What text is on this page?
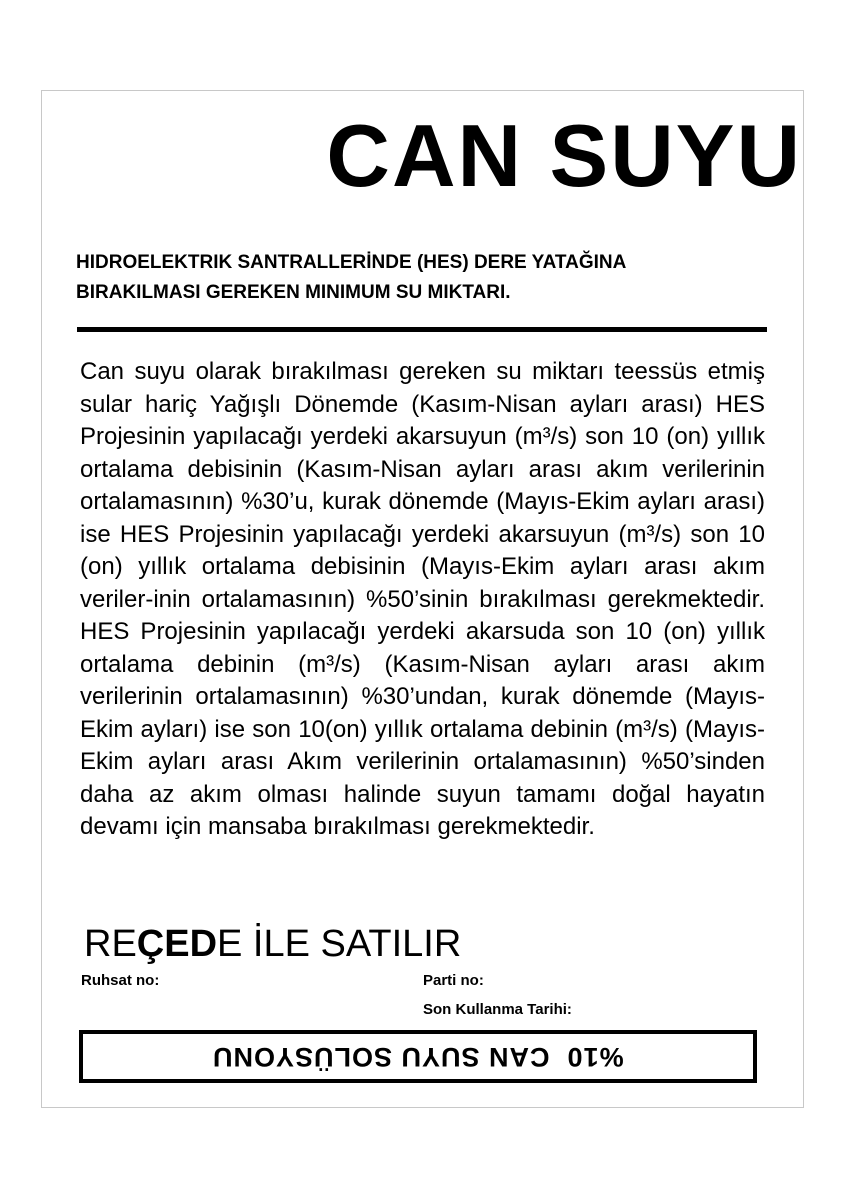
CAN SUYU
HIDROELEKTRIK SANTRALLERİNDE (HES) DERE YATAĞINA
BIRAKILMASI GEREKEN MINIMUM SU MIKTARI.
Can suyu olarak bırakılması gereken su miktarı teessüs etmiş sular hariç Yağışlı Dönemde (Kasım-Nisan ayları arası) HES Projesinin yapılacağı yerdeki akarsuyun (m³/s) son 10 (on) yıllık ortalama debisinin (Kasım-Nisan ayları arası akım verilerinin ortalamasının) %30’u, kurak dönemde (Mayıs-Ekim ayları arası) ise HES Projesinin yapılacağı yerdeki akarsuyun (m³/s) son 10 (on) yıllık ortalama debisinin (Mayıs-Ekim ayları arası akım veriler-inin ortalamasının) %50’sinin bırakılması gerekmektedir. HES Projesinin yapılacağı yerdeki akarsuda son 10 (on) yıllık ortalama debinin (m³/s) (Kasım-Nisan ayları arası akım verilerinin ortalamasının) %30’undan, kurak dönemde (Mayıs-Ekim ayları) ise son 10(on) yıllık ortalama debinin (m³/s) (Mayıs-Ekim ayları arası Akım verilerinin ortalamasının) %50’sinden daha az akım olması halinde suyun tamamı doğal hayatın devamı için mansaba bırakılması gerekmektedir.
REÇEDE İLE SATILIR
Ruhsat no:	Parti no:
Son Kullanma Tarihi:
%10  CAN SUYU SOLÜSYONU
